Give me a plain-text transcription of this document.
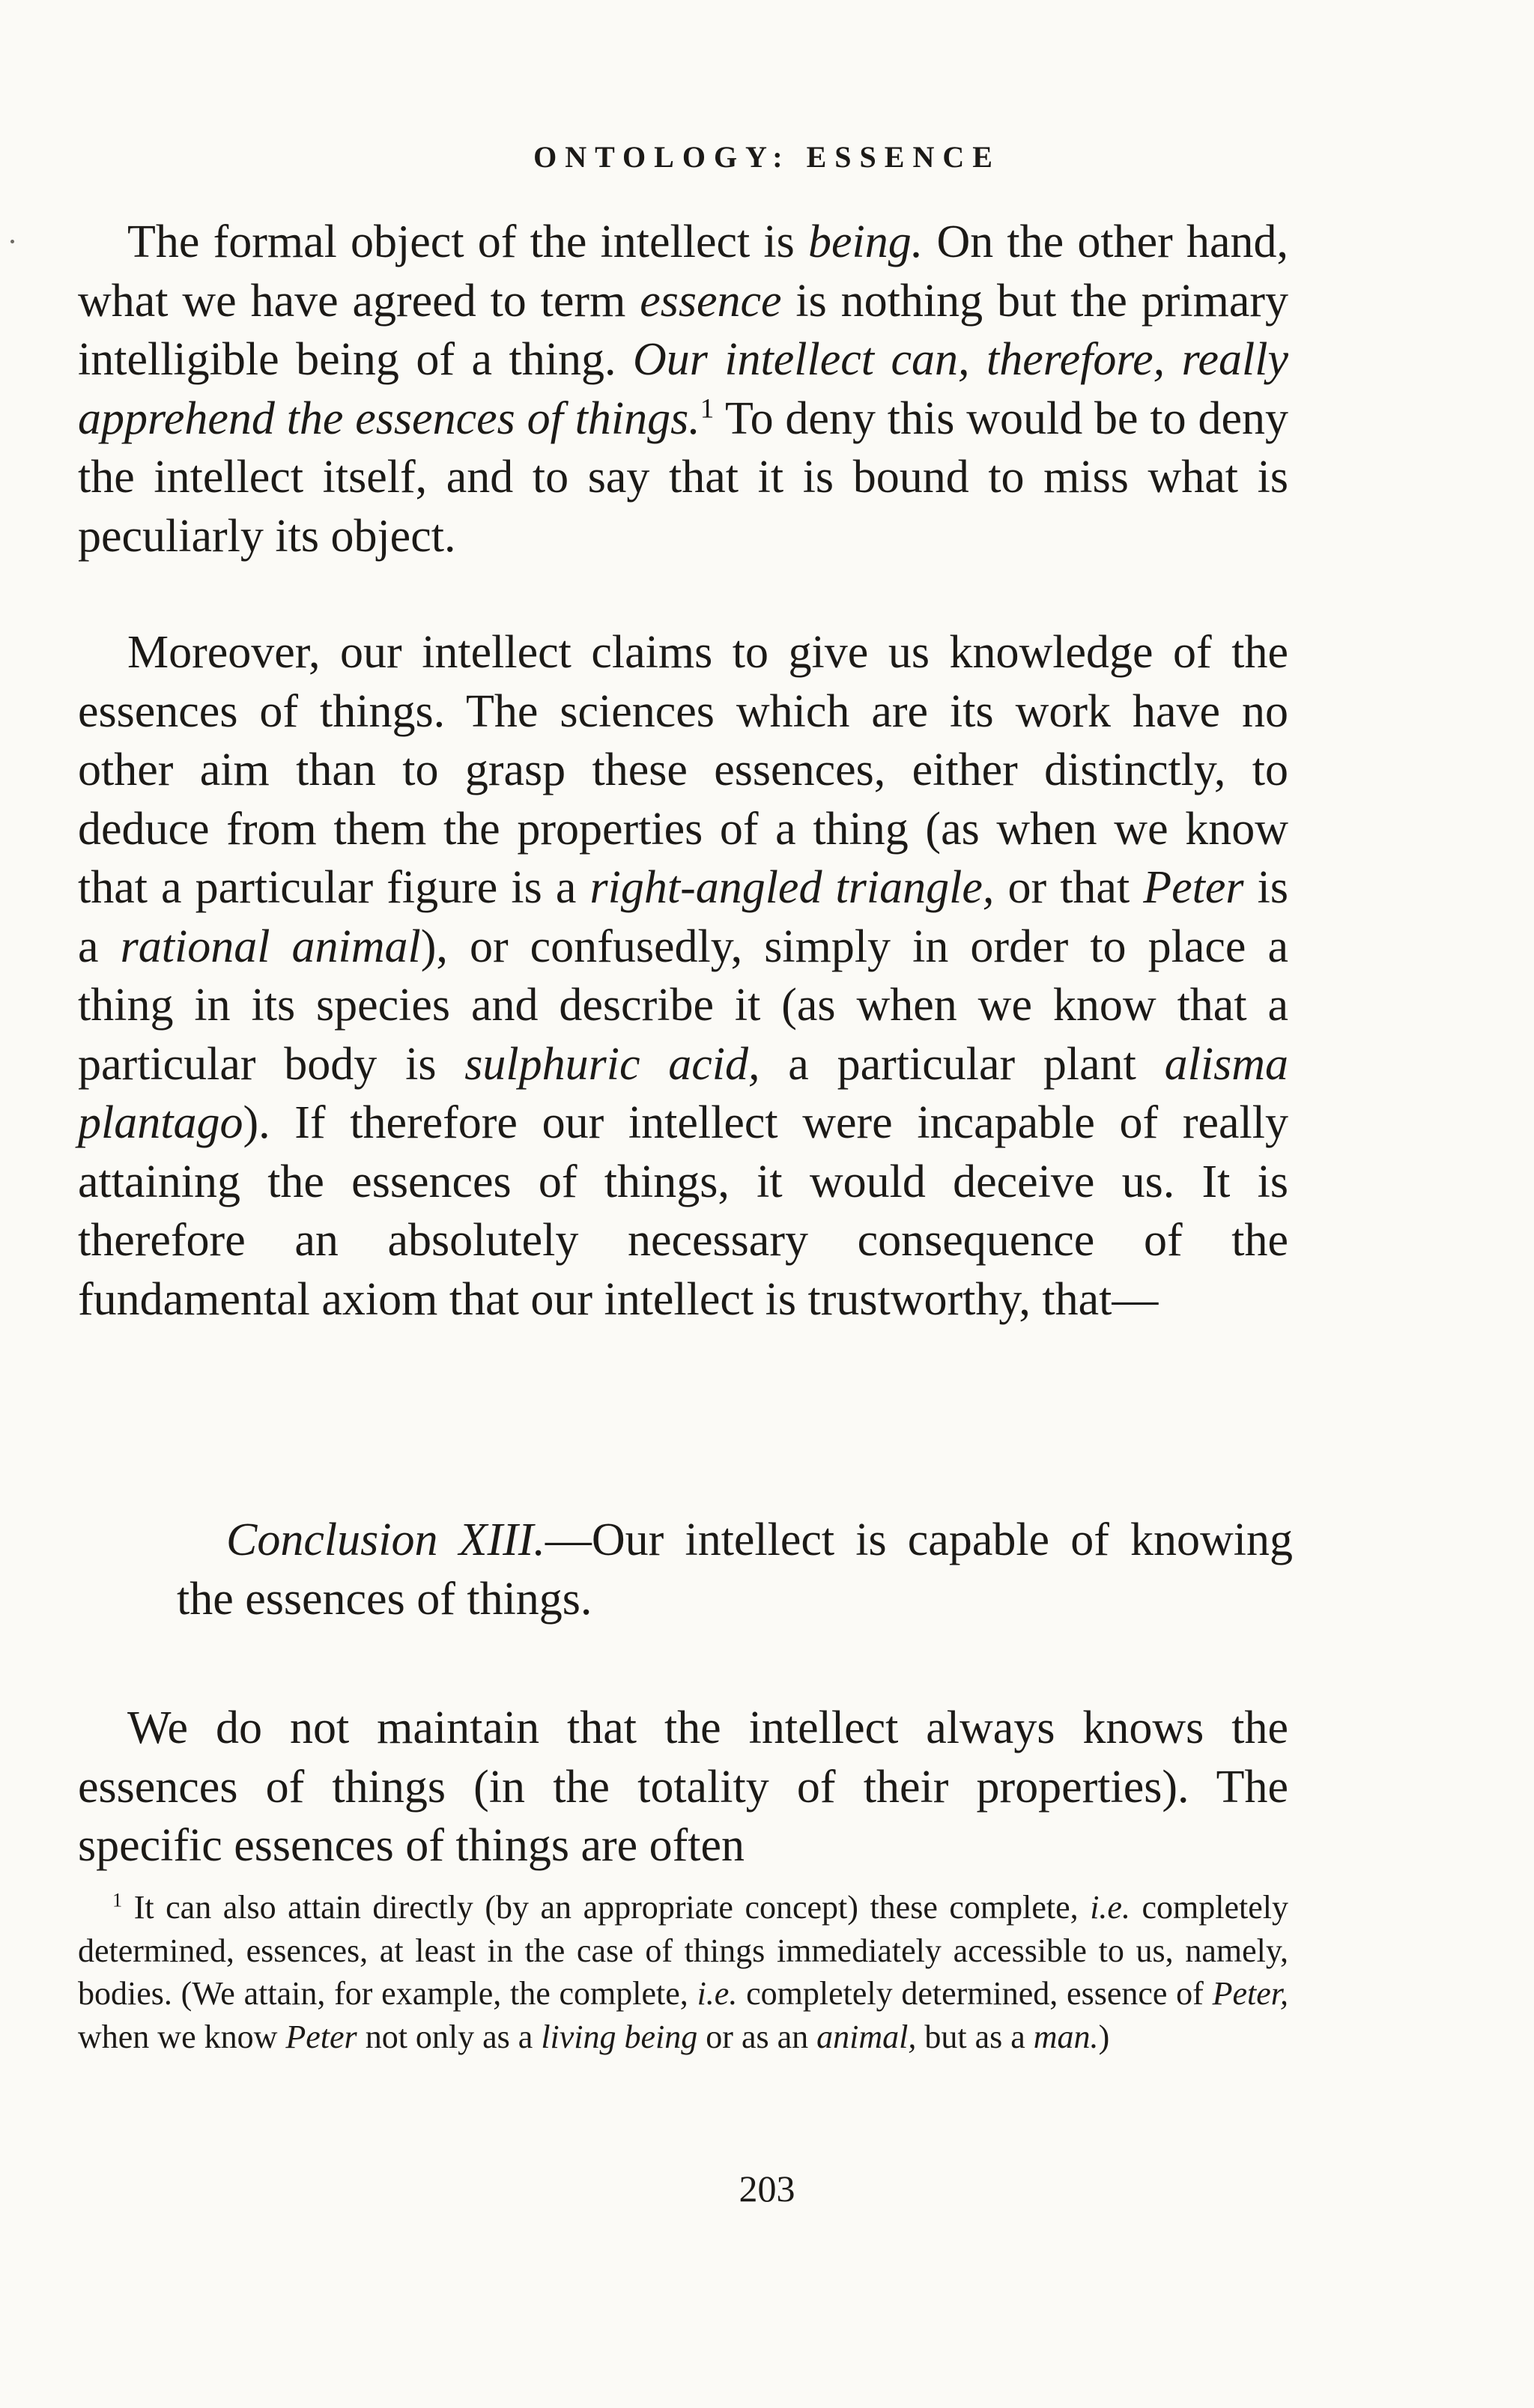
ONTOLOGY: ESSENCE

The formal object of the intellect is being. On the other hand, what we have agreed to term essence is nothing but the primary intelligible being of a thing. Our intellect can, therefore, really apprehend the essences of things.$^1$ To deny this would be to deny the intellect itself, and to say that it is bound to miss what is peculiarly its object.

Moreover, our intellect claims to give us knowledge of the essences of things. The sciences which are its work have no other aim than to grasp these essences, either distinctly, to deduce from them the properties of a thing (as when we know that a particular figure is a right-angled triangle, or that Peter is a rational animal), or confusedly, simply in order to place a thing in its species and describe it (as when we know that a particular body is sulphuric acid, a particular plant alisma plantago). If therefore our intellect were incapable of really attaining the essences of things, it would deceive us. It is therefore an absolutely necessary consequence of the fundamental axiom that our intellect is trustworthy, that—

Conclusion XIII.—Our intellect is capable of knowing the essences of things.

We do not maintain that the intellect always knows the essences of things (in the totality of their properties). The specific essences of things are often

$^1$ It can also attain directly (by an appropriate concept) these complete, i.e. completely determined, essences, at least in the case of things immediately accessible to us, namely, bodies. (We attain, for example, the complete, i.e. completely determined, essence of Peter, when we know Peter not only as a living being or as an animal, but as a man.)

203
